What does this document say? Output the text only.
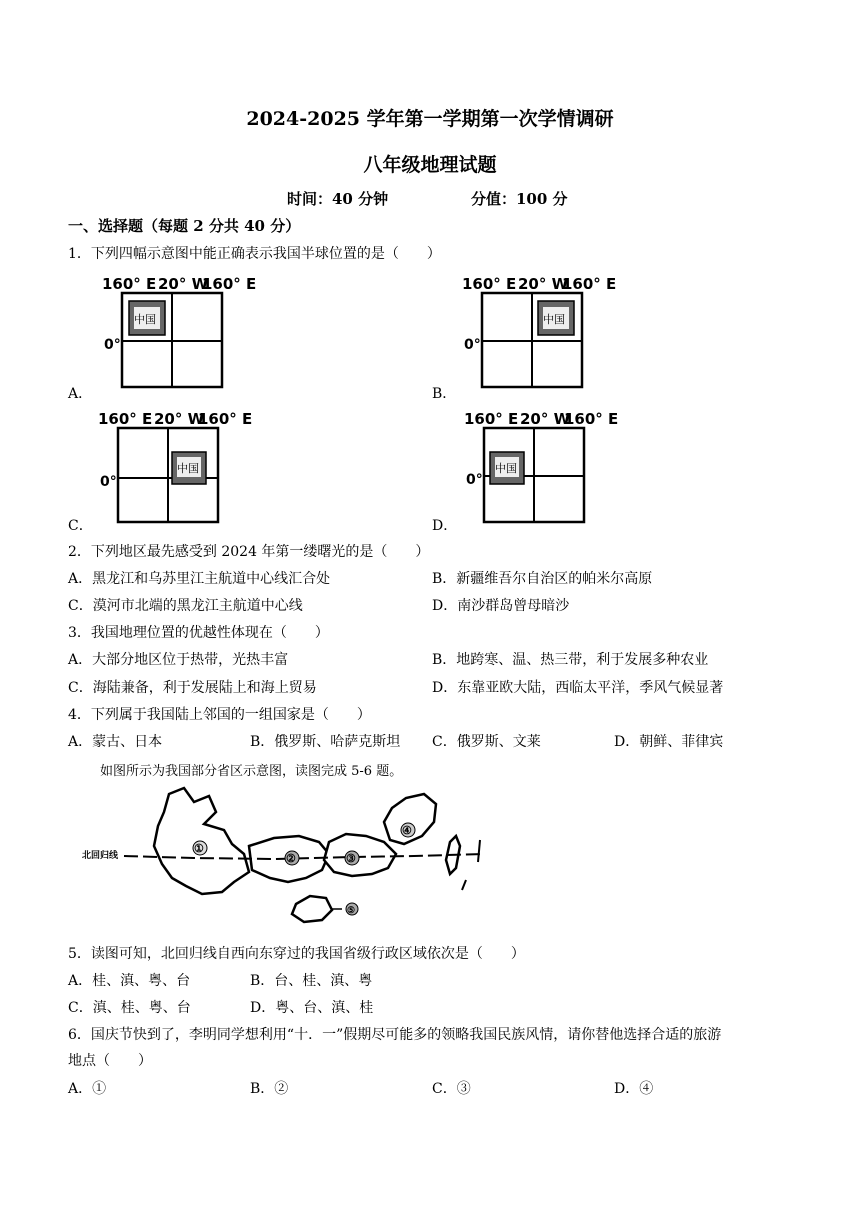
2024-2025 学年第一学期第一次学情调研
八年级地理试题
时间：40 分钟	分值：100 分
一、选择题（每题 2 分共 40 分）
1．下列四幅示意图中能正确表示我国半球位置的是（　　）
160° E 20° W
160° E
0°
中国
A．
160° E 20° W
160° E
0°
中国
B．
160° E 20° W
160° E
0°
中国
C．
160° E 20° W
160° E
0°
中国
D．
2．下列地区最先感受到 2024 年第一缕曙光的是（　　）
A．黑龙江和乌苏里江主航道中心线汇合处	B．新疆维吾尔自治区的帕米尔高原
C．漠河市北端的黑龙江主航道中心线	D．南沙群岛曾母暗沙
3．我国地理位置的优越性体现在（　　）
A．大部分地区位于热带，光热丰富	B．地跨寒、温、热三带，利于发展多种农业
C．海陆兼备，利于发展陆上和海上贸易	D．东靠亚欧大陆，西临太平洋，季风气候显著
4．下列属于我国陆上邻国的一组国家是（　　）
A．蒙古、日本	B．俄罗斯、哈萨克斯坦 C．俄罗斯、文莱	D．朝鲜、菲律宾
如图所示为我国部分省区示意图，读图完成 5-6 题。
北回归线
①
②	③
④
⑤
5．读图可知，北回归线自西向东穿过的我国省级行政区域依次是（　　）
A．桂、滇、粤、台	B．台、桂、滇、粤
C．滇、桂、粤、台	D．粤、台、滇、桂
6．国庆节快到了，李明同学想利用“十．一”假期尽可能多的领略我国民族风情，请你替他选择合适的旅游
地点（　　）
A．①	B．②	C．③	D．④
